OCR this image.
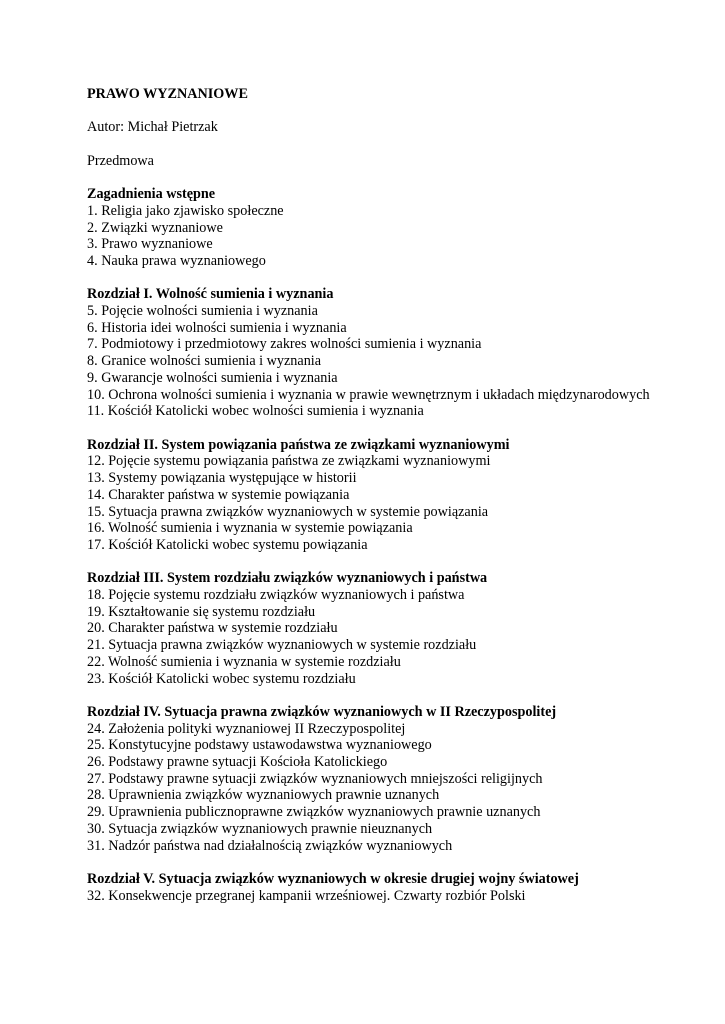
PRAWO WYZNANIOWE

Autor: Michał Pietrzak

Przedmowa

Zagadnienia wstępne

1. Religia jako zjawisko społeczne
2. Związki wyznaniowe
3. Prawo wyznaniowe
4. Nauka prawa wyznaniowego

Rozdział I. Wolność sumienia i wyznania

5. Pojęcie wolności sumienia i wyznania
6. Historia idei wolności sumienia i wyznania
7. Podmiotowy i przedmiotowy zakres wolności sumienia i wyznania
8. Granice wolności sumienia i wyznania
9. Gwarancje wolności sumienia i wyznania
10. Ochrona wolności sumienia i wyznania w prawie wewnętrznym i układach międzynarodowych
11. Kościół Katolicki wobec wolności sumienia i wyznania

Rozdział II. System powiązania państwa ze związkami wyznaniowymi

12. Pojęcie systemu powiązania państwa ze związkami wyznaniowymi
13. Systemy powiązania występujące w historii
14. Charakter państwa w systemie powiązania
15. Sytuacja prawna związków wyznaniowych w systemie powiązania
16. Wolność sumienia i wyznania w systemie powiązania
17. Kościół Katolicki wobec systemu powiązania

Rozdział III. System rozdziału związków wyznaniowych i państwa

18. Pojęcie systemu rozdziału związków wyznaniowych i państwa
19. Kształtowanie się systemu rozdziału
20. Charakter państwa w systemie rozdziału
21. Sytuacja prawna związków wyznaniowych w systemie rozdziału
22. Wolność sumienia i wyznania w systemie rozdziału
23. Kościół Katolicki wobec systemu rozdziału

Rozdział IV. Sytuacja prawna związków wyznaniowych w II Rzeczypospolitej

24. Założenia polityki wyznaniowej II Rzeczypospolitej
25. Konstytucyjne podstawy ustawodawstwa wyznaniowego
26. Podstawy prawne sytuacji Kościoła Katolickiego
27. Podstawy prawne sytuacji związków wyznaniowych mniejszości religijnych
28. Uprawnienia związków wyznaniowych prawnie uznanych
29. Uprawnienia publicznoprawne związków wyznaniowych prawnie uznanych
30. Sytuacja związków wyznaniowych prawnie nieuznanych
31. Nadzór państwa nad działalnością związków wyznaniowych

Rozdział V. Sytuacja związków wyznaniowych w okresie drugiej wojny światowej

32. Konsekwencje przegranej kampanii wrześniowej. Czwarty rozbiór Polski
